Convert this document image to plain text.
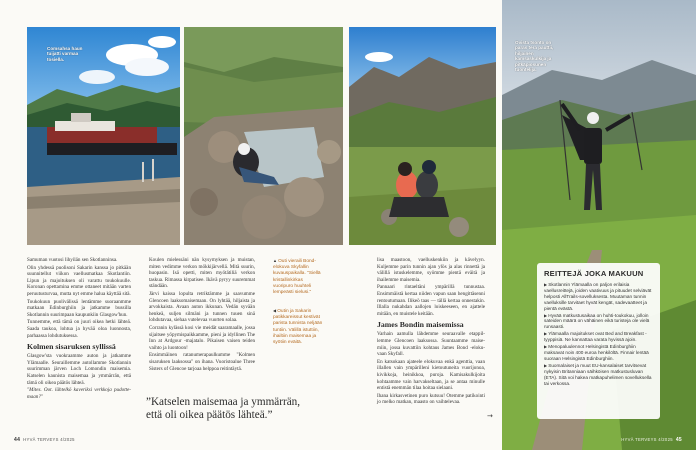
Comsahsa haun tuijatti varmaa tosiella.
Ovista tsonto on paras tera pauttii, hiljainen kamsaskulkija ja pitkäpiosunen tuontelija.

Samuman vuotosi lihyilän sen Skotlanninsa.

Olin yhdessä puolisoni Sakarin kanssa jo pitkään suunnitellut viikon vaellusmatkaa Skotlantiin. Lipun ja majoituksen oli varattu toukokuulle. Koronan opettamina emme ottaneet mitään varten peruutusturvaa, mutta nyt emme halua käyttää sitä.

Toukokuun puolivälissä lentämme suoraanmme matkaan Edinburghiin ja jatkamme bussilla Skotlannin suurimpaan kaupunkiin Glasgow'hun.

Tunnemme, että tämä on juuri oikea hetki lähteä. Saada taukoa, lohtua ja hyvää oloa luonnosta, parhaassa lohdutuksessa.

Kolmen sisaruksen syllissä

Glasgow'sta vuokraamme auton ja jatkamme Ylämaalle. Seuraillemme autollamme Skotlannin suurimman järven Loch Lomondin maisemia. Katselen kaunista maisemaa ja ymmärrän, että tämä oli oikea päätös lähteä.

"Mites. Oot. lähtelkö kaveriksi verkkoja pudottemaan?"

Koulen mielessäni nän kysymyksen ja muistan, miten vedimme verkon mökkijärvellä. Mitä suurin, huopasin. Isä opetti, miten myötätiliä verkon taskua. Rimassa kirpatisee. Ikävä pyryy suuremmat ständään.

Järvi kaissa lopulta retriktämme ja saavumme Glencoen laaksomaisemaan. On lyhtää, hiljaista ja arvokkaista. Avaan auton ikkunan. Vedän syvään henkeä, suljen silmäni ja tunnen tuuen sinä lohdutavaa, siehaa vutelevaa vuorten solaa.

Corranin kylässä kosi vie meidät saaramaalle, jossa sijaitsee yöpymispaikkamme, pieni ja idyllinen The Inn at Ardgour -majatalo. Pikaisen vaisen teiden vaihto ja luontoon!

Ensimmäinen ratanumerapaulkumme "Kolmen sisaruksen laaksossa" on ihana. Vuoristoalue Three Sisters of Glencoe tarjoaa helppoa reitintäytä.

▲ Outi vieraili Bond-elokuva Skyfallin kuvauspaikalla. "Siellä kristallinkirkas vuoripuro huuhteli lempeästi sielusi."
◀ Outin ja Sakarin patikkareissut kestivät parista tunnista neljään tuntiin. Välillä istuttiin, ihailtiin maisemaa ja syötiin eväitä.

lisa maastoon, vaelluskenkiin ja kävelyyn. Kuljemme parin tunnin ajan ylös ja alas rinnettä ja välillä istuskelemme, syömme pientä eväitä ja ihailemme maisemia.

Pannaari rintaeltäni ympärillä tunnustaa. Ensimmäistä kertaa niiden vapun saan hengittäsenni rentoutumaan. Ilikeö taas — tällä kertaa onnestakin. Illalla nukahdan aallojen loiskeeseen, en ajattele mitään, en muistele keitään.

James Bondin maisemissa

Varhain aamulla lähdemme seuraavalle etappillemme Glencoen laaksossa. Suuntaamme maisemiin, jossa kuvattiin kohtaus James Bond -elokuvaan Skyfall.

En katsokaan ajateele elokuvaa enkä agenttia, vaan illallen vain ympärilleni kietoutuneita vuorijonoa, kivikkoja, heinikkoa, puroja. Kamisakulkijoita kohtaamme vain harvakseltaan, ja se antaa minulle entistä enemmän tilaa hoitaa sielaani.

Ihana kirkasvetinen puro kutsuu! Otemme patikointi jo melko matkan, maasto on vaihtelevaa.

→
”Katselen maisemaa ja ymmärrän,
että oli oikea päätös lähteä.”
REITTEJÄ JOKA MAKUUN

▶ Skotlannin Ylämaalla on paljon erilaisia vaellusreittejä, joiden vaativuus ja pituudet selviävät helposti AllTrails-sovelluksesta. Muutaman tunnin vaelluksille tarvitaet hyvät kengät, sadevaatteet ja pientä evästä.

▶ Hyvää matkustusaikaa on huhti-toukokuu, jolloin sateiden määrä on vähäinen eikä turisteja ole vielä runsaasti.

▶ Ylämaalla majoitukset ovat Bed and Breakfast -tyyppisiä. Ne kannattaa varata hyvissä ajoin.

▶ Menopaluulennot Helsingistä Edinburghiin maksavat noin 400 euroa henkilöltä. Finnair lentää suoraan Helsingistä Edinburghiin.

▶ Suomalaiset ja muut EU-kansalaiset tarvitsevat nykyisin Britanniaan säihköisen matkustusluvan (ETA). Sitä voi hakea matkapuhelimen sovelluksella tai verkossa.

44 HYVÄ TERVEYS 4/2025	HYVÄ TERVEYS 4/2025 45
